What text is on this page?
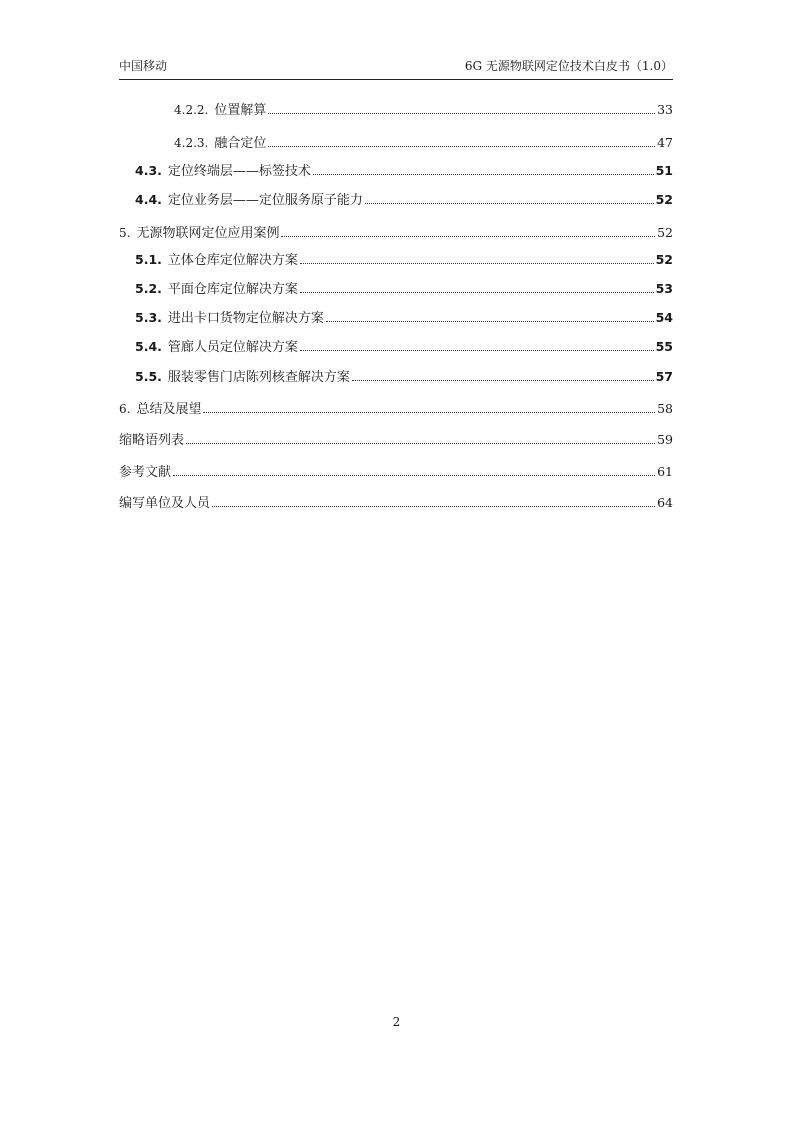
中国移动	6G 无源物联网定位技术白皮书（1.0）
4.2.2. 位置解算	33
4.2.3. 融合定位	47
4.3. 定位终端层——标签技术	51
4.4. 定位业务层——定位服务原子能力	52
5. 无源物联网定位应用案例	52
5.1. 立体仓库定位解决方案	52
5.2. 平面仓库定位解决方案	53
5.3. 进出卡口货物定位解决方案	54
5.4. 管廊人员定位解决方案	55
5.5. 服装零售门店陈列核查解决方案	57
6. 总结及展望	58
缩略语列表	59
参考文献	61
编写单位及人员	64
2
